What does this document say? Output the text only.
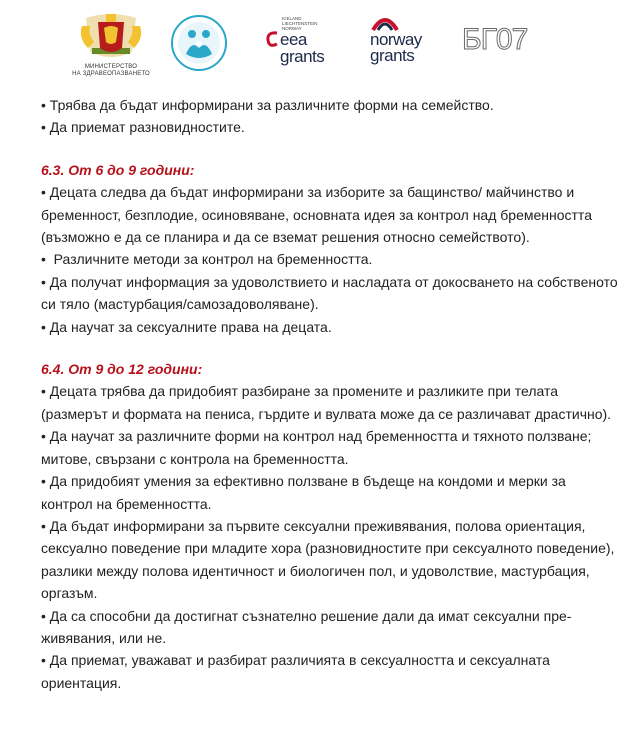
МИНИСТЕРСТВО
НА ЗДРАВЕОПАЗВАНЕТО
ICELAND
LIECHTENSTEIN
NORWAY
eea
grants
norway
grants БГ07

• Трябва да бъдат информирани за различните форми на семейство.

• Да приемат разновидностите.

6.3. От 6 до 9 години:

• Децата следва да бъдат информирани за изборите за бащинство/ майчинство и бременност, безплодие, осиновяване, основната идея за контрол над бременността (възможно е да се планира и да се вземат решения относно семейството).

•  Различните методи за контрол на бременността.

• Да получат информация за удоволствието и насладата от докосването на собственото си тяло (мастурбация/самозадоволяване).

• Да научат за сексуалните права на децата.

6.4. От 9 до 12 години:

• Децата трябва да придобият разбиране за промените и разликите при телата (размерът и формата на пениса, гърдите и вулвата може да се различават драстично).

• Да научат за различните форми на контрол над бременността и тяхното ползване; митове, свързани с контрола на бременността.

• Да придобият умения за ефективно ползване в бъдеще на кондоми и мерки за контрол на бременността.

• Да бъдат информирани за първите сексуални преживявания, полова ориентация, сексуално поведение при младите хора (разновидностите при сексуалното поведение), разлики между полова идентичност и биологичен пол, и удоволствие, мастурбация, оргазъм.

• Да са способни да достигнат съзнателно решение дали да имат сексуални пре-живявания, или не.

• Да приемат, уважават и разбират различията в сексуалността и сексуалната ориентация.
